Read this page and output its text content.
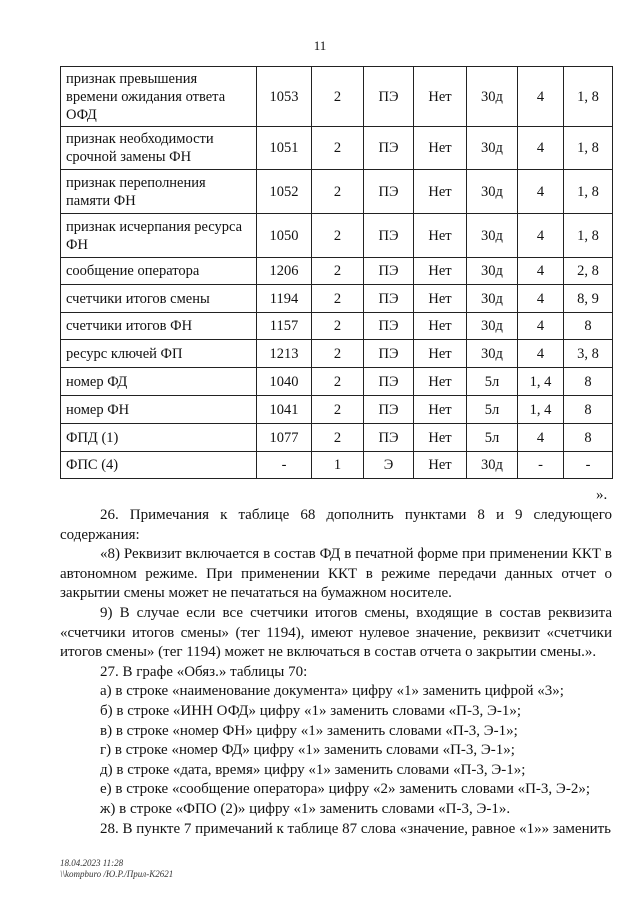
11
признак превышения времени ожидания ответа ОФД	1053	2	ПЭ	Нет	30д	4	1, 8
признак необходимости срочной замены ФН	1051	2	ПЭ	Нет	30д	4	1, 8
признак переполнения памяти ФН	1052	2	ПЭ	Нет	30д	4	1, 8
признак исчерпания ресурса ФН	1050	2	ПЭ	Нет	30д	4	1, 8
сообщение оператора	1206	2	ПЭ	Нет	30д	4	2, 8
счетчики итогов смены	1194	2	ПЭ	Нет	30д	4	8, 9
счетчики итогов ФН	1157	2	ПЭ	Нет	30д	4	8
ресурс ключей ФП	1213	2	ПЭ	Нет	30д	4	3, 8
номер ФД	1040	2	ПЭ	Нет	5л	1, 4	8
номер ФН	1041	2	ПЭ	Нет	5л	1, 4	8
ФПД (1)	1077	2	ПЭ	Нет	5л	4	8
ФПС (4)	-	1	Э	Нет	30д	-	-
».

26. Примечания к таблице 68 дополнить пунктами 8 и 9 следующего содержания:

«8) Реквизит включается в состав ФД в печатной форме при применении ККТ в автономном режиме. При применении ККТ в режиме передачи данных отчет о закрытии смены может не печататься на бумажном носителе.

9) В случае если все счетчики итогов смены, входящие в состав реквизита «счетчики итогов смены» (тег 1194), имеют нулевое значение, реквизит «счетчики итогов смены» (тег 1194) может не включаться в состав отчета о закрытии смены.».

27. В графе «Обяз.» таблицы 70:

а) в строке «наименование документа» цифру «1» заменить цифрой «3»;

б) в строке «ИНН ОФД» цифру «1» заменить словами «П-3, Э-1»;

в) в строке «номер ФН» цифру «1» заменить словами «П-3, Э-1»;

г) в строке «номер ФД» цифру «1» заменить словами «П-3, Э-1»;

д) в строке «дата, время» цифру «1» заменить словами «П-3, Э-1»;

е) в строке «сообщение оператора» цифру «2» заменить словами «П-3, Э-2»;

ж) в строке «ФПО (2)» цифру «1» заменить словами «П-3, Э-1».

28. В пункте 7 примечаний к таблице 87 слова «значение, равное «1»» заменить

18.04.2023 11:28
\\kompburo /Ю.Р./Прил-К2621
